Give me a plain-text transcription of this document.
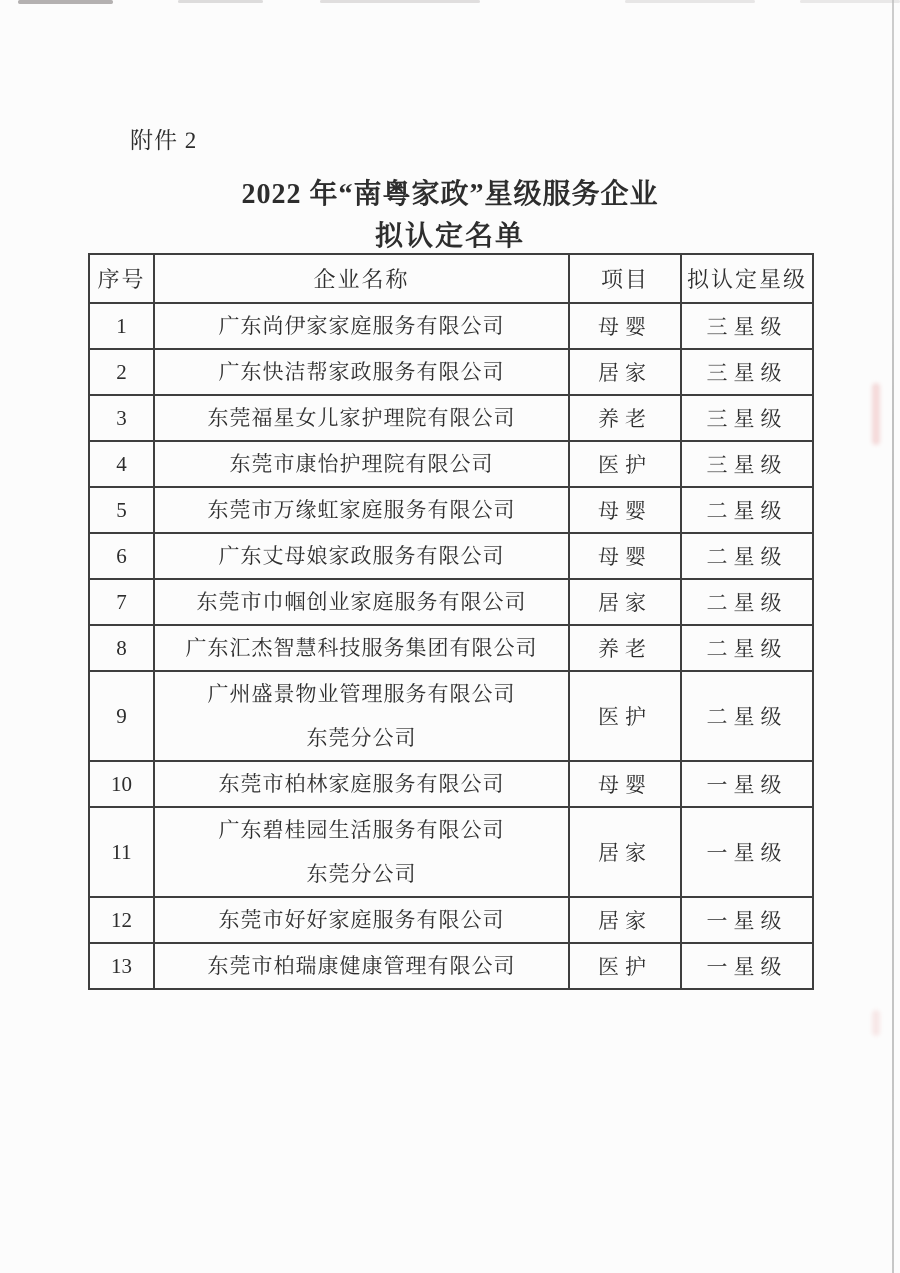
附件 2
2022 年“南粤家政”星级服务企业
拟认定名单
序号	企业名称	项目	拟认定星级
1	广东尚伊家家庭服务有限公司	母婴	三星级
2	广东快洁帮家政服务有限公司	居家	三星级
3	东莞福星女儿家护理院有限公司	养老	三星级
4	东莞市康怡护理院有限公司	医护	三星级
5	东莞市万缘虹家庭服务有限公司	母婴	二星级
6	广东丈母娘家政服务有限公司	母婴	二星级
7	东莞市巾帼创业家庭服务有限公司	居家	二星级
8	广东汇杰智慧科技服务集团有限公司	养老	二星级
9	广州盛景物业管理服务有限公司
东莞分公司	医护	二星级
10	东莞市柏林家庭服务有限公司	母婴	一星级
11	广东碧桂园生活服务有限公司
东莞分公司	居家	一星级
12	东莞市好好家庭服务有限公司	居家	一星级
13	东莞市柏瑞康健康管理有限公司	医护	一星级
